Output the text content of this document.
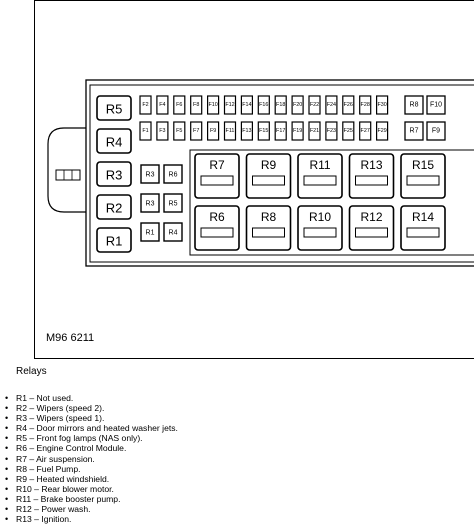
M96 6211
R5
R4
R3
R2
R1
R3 R6
R3 R5
R1 R4
F2 F4 F6 F8 F10 F12 F14 F16 F18 F20 F22 F24 F26 F28 F30
F1 F3 F5 F7 F9 F11 F13 F15 F17 F19 F21 F23 F25 F27 F29
R8 F10
R7 F9
R7	R9	R11 R13 R15
R6	R8	R10 R12 R14
Relays
• R1 – Not used.
• R2 – Wipers (speed 2).
• R3 – Wipers (speed 1).
• R4 – Door mirrors and heated washer jets.
• R5 – Front fog lamps (NAS only).
• R6 – Engine Control Module.
• R7 – Air suspension.
• R8 – Fuel Pump.
• R9 – Heated windshield.
• R10 – Rear blower motor.
• R11 – Brake booster pump.
• R12 – Power wash.
• R13 – Ignition.
